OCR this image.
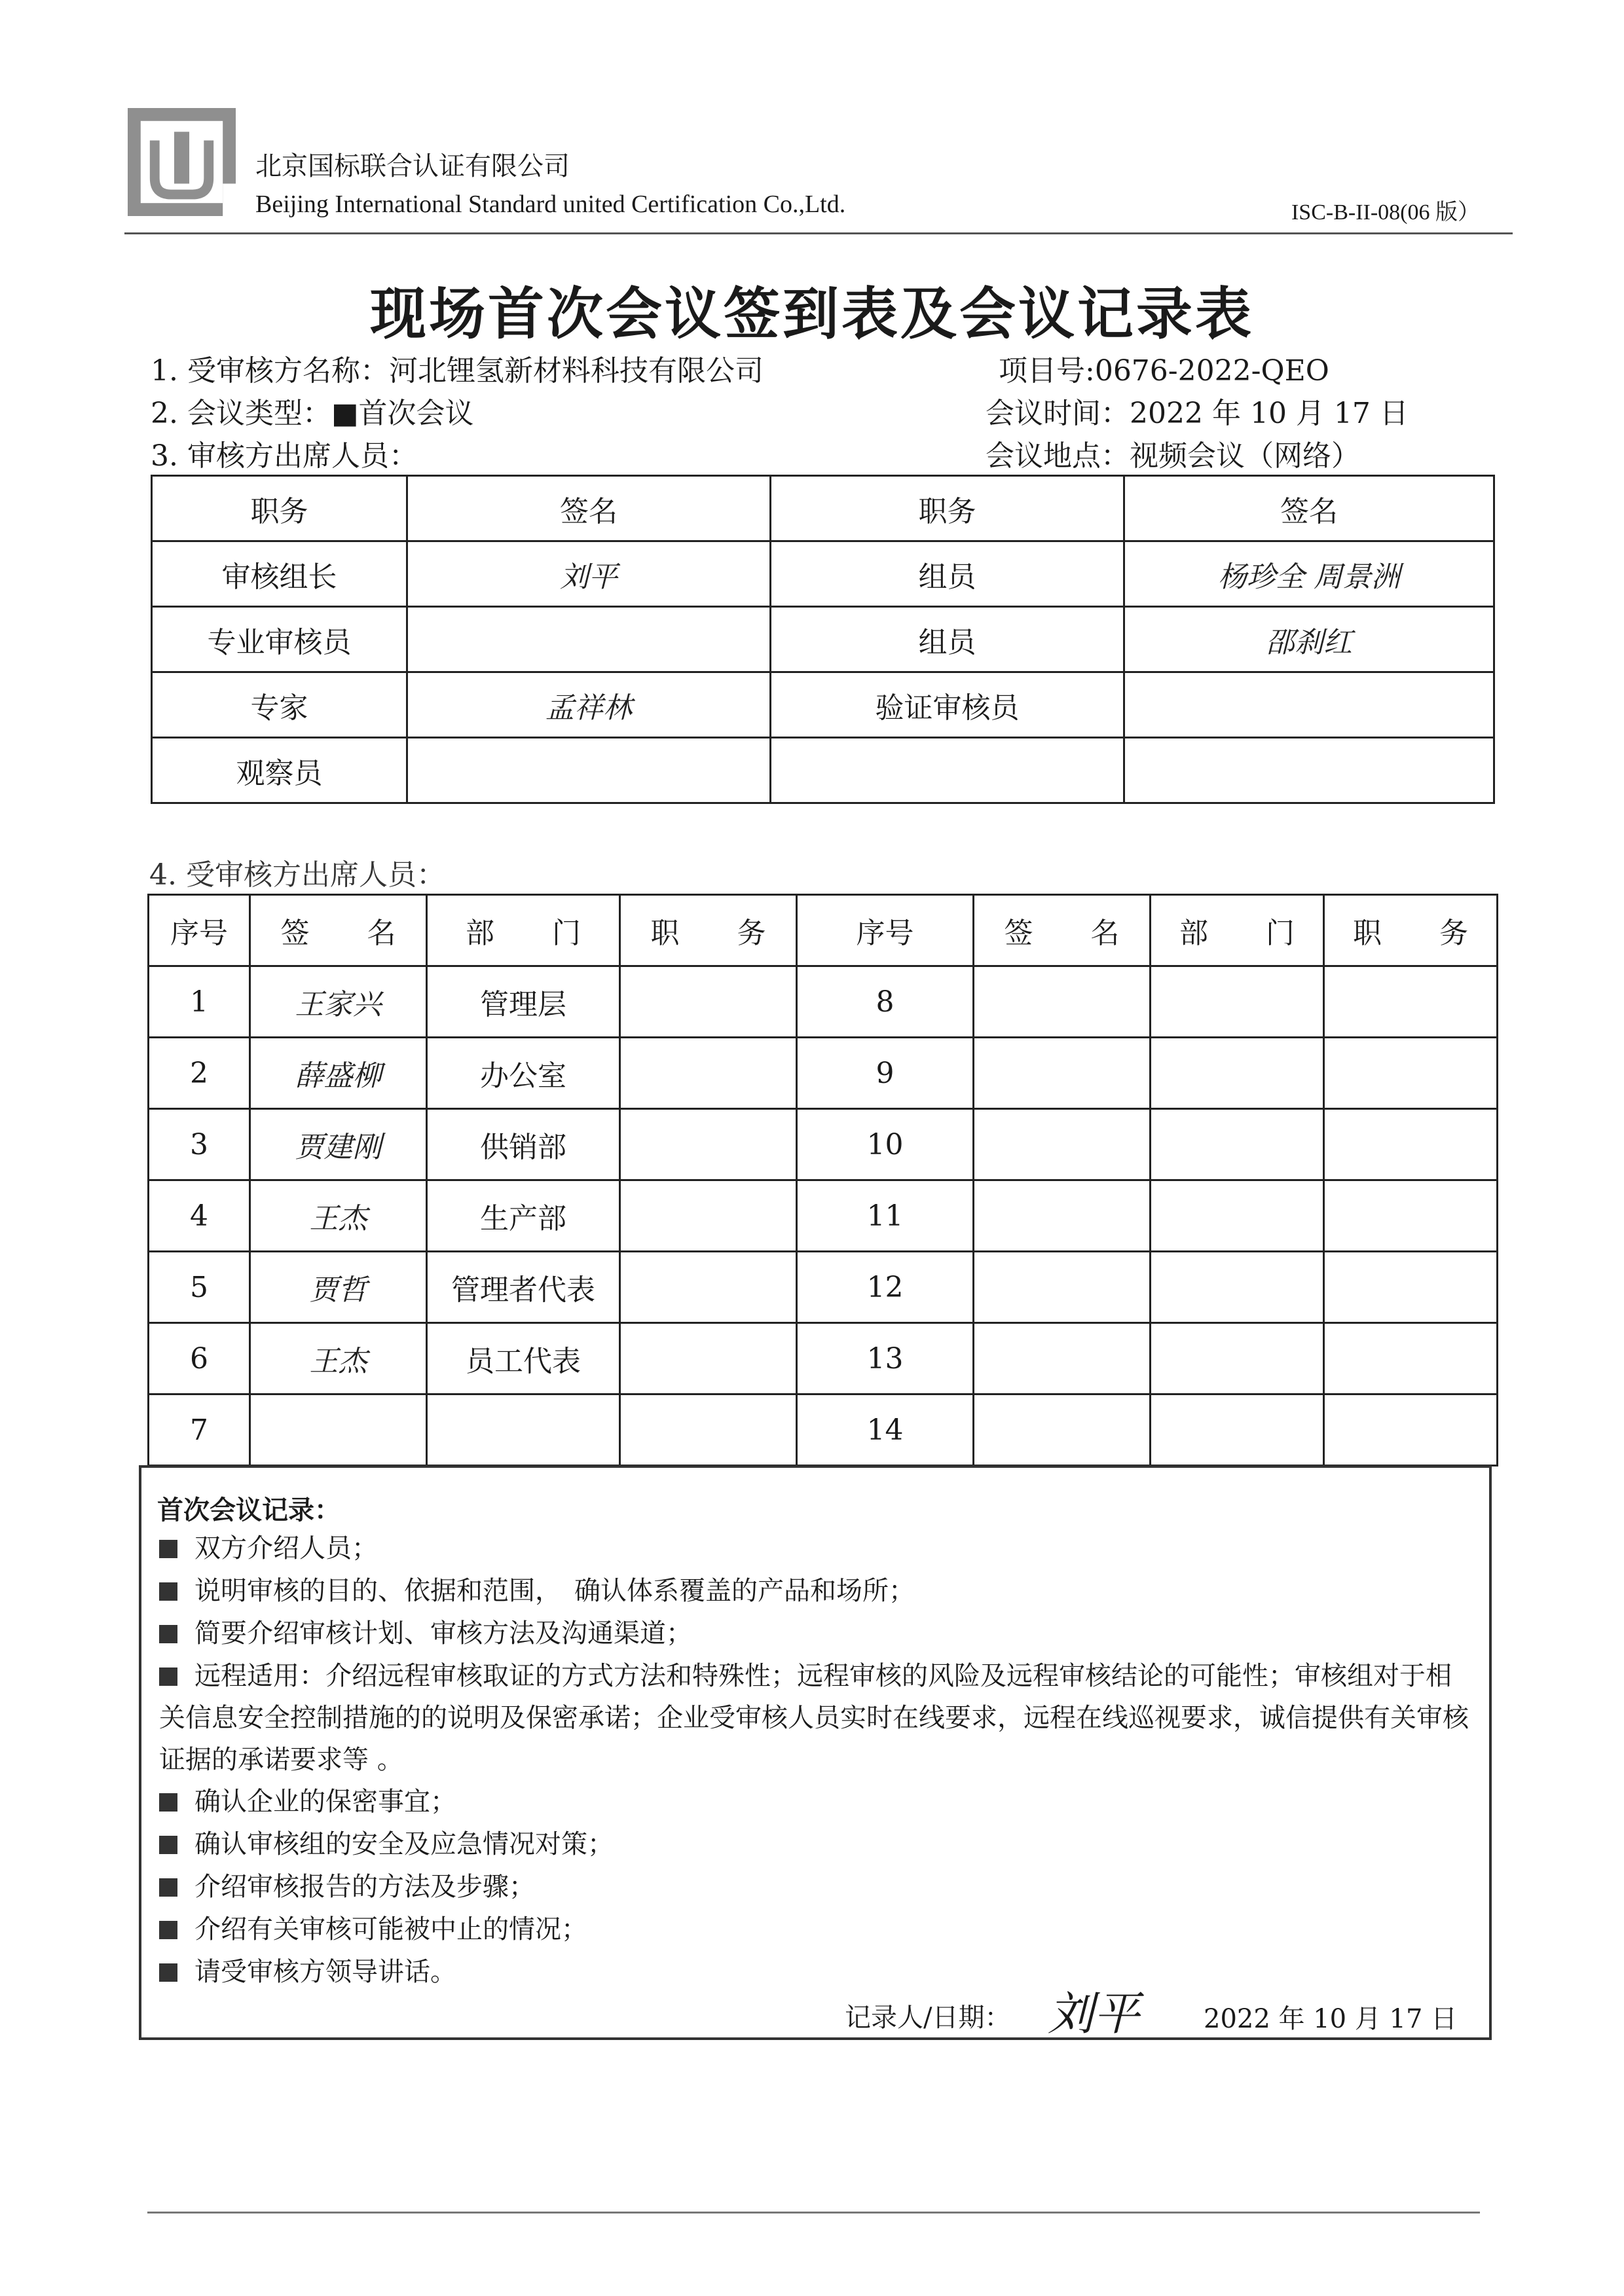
北京国标联合认证有限公司
Beijing International Standard united Certification Co.,Ltd.	ISC-B-II-08(06 版）
现场首次会议签到表及会议记录表
1. 受审核方名称：河北锂氢新材料科技有限公司	项目号:0676-2022-QEO
2. 会议类型：■首次会议	会议时间：2022 年 10 月 17 日
3. 审核方出席人员：	会议地点：视频会议（网络）
职务	签名	职务	签名
审核组长	刘平	组员	杨珍全 周景洲
专业审核员		组员	邵刹红
专家	孟祥林	验证审核员	
观察员			
4. 受审核方出席人员：
序号	签　　名	部　　门	职　　务	序号	签　　名	部　　门	职　　务
1	王家兴	管理层		8			
2	薛盛柳	办公室		9			
3	贾建刚	供销部		10			
4	王杰	生产部		11			
5	贾哲	管理者代表		12			
6	王杰	员工代表		13			
7				14			
首次会议记录：
双方介绍人员；
说明审核的目的、依据和范围，　确认体系覆盖的产品和场所；
简要介绍审核计划、审核方法及沟通渠道；
远程适用：介绍远程审核取证的方式方法和特殊性；远程审核的风险及远程审核结论的可能性；审核组对于相关信息安全控制措施的的说明及保密承诺；企业受审核人员实时在线要求，远程在线巡视要求，诚信提供有关审核证据的承诺要求等 。
确认企业的保密事宜；
确认审核组的安全及应急情况对策；
介绍审核报告的方法及步骤；
介绍有关审核可能被中止的情况；
请受审核方领导讲话。
记录人/日期： 刘平 2022 年 10 月 17 日
